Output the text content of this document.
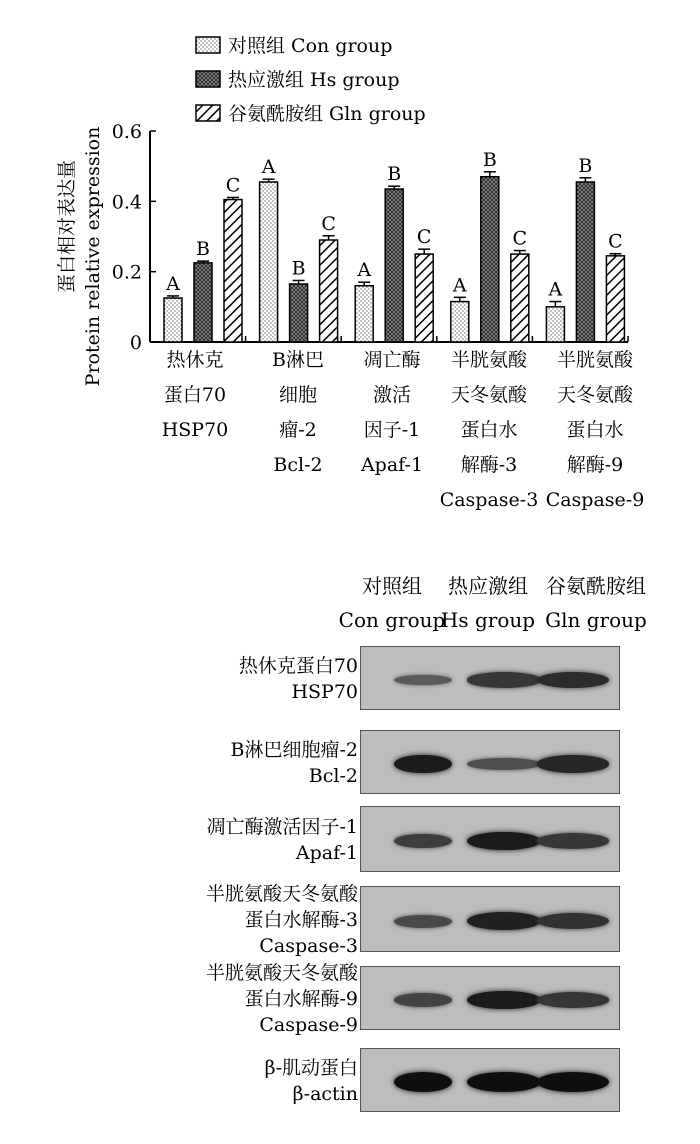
对照组 Con group
热应激组 Hs group
谷氨酰胺组 Gln group
0
0.2
0.4
0.6
蛋白相对表达量 Protein relative expression	A
B
C
A
B
C
A
B
C
A
B
C
A
B
C
热休克
蛋白70
HSP70
B淋巴
细胞
瘤-2
Bcl-2
凋亡酶
激活
因子-1
Apaf-1
半胱氨酸
天冬氨酸
蛋白水
解酶-3
Caspase-3
半胱氨酸
天冬氨酸
蛋白水
解酶-9
Caspase-9
对照组
Con group
热应激组
Hs group
谷氨酰胺组
Gln group
热休克蛋白70
HSP70
B淋巴细胞瘤-2
Bcl-2
凋亡酶激活因子-1
Apaf-1
半胱氨酸天冬氨酸
蛋白水解酶-3
Caspase-3
半胱氨酸天冬氨酸
蛋白水解酶-9
Caspase-9
β-肌动蛋白
β-actin
